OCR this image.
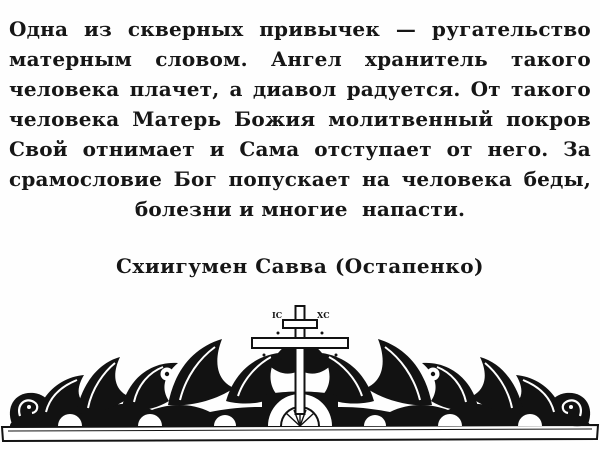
Одна из скверных привычек — ругательство
матерным словом. Ангел хранитель такого
человека плачет, а диавол радуется. От такого
человека Матерь Божия молитвенный покров
Свой отнимает и Сама отступает от него. За
срамословие Бог попускает на человека беды,
болезни и многие  напасти.
Схиигумен Савва (Остапенко)
ІС	ХС
НИ	КА
